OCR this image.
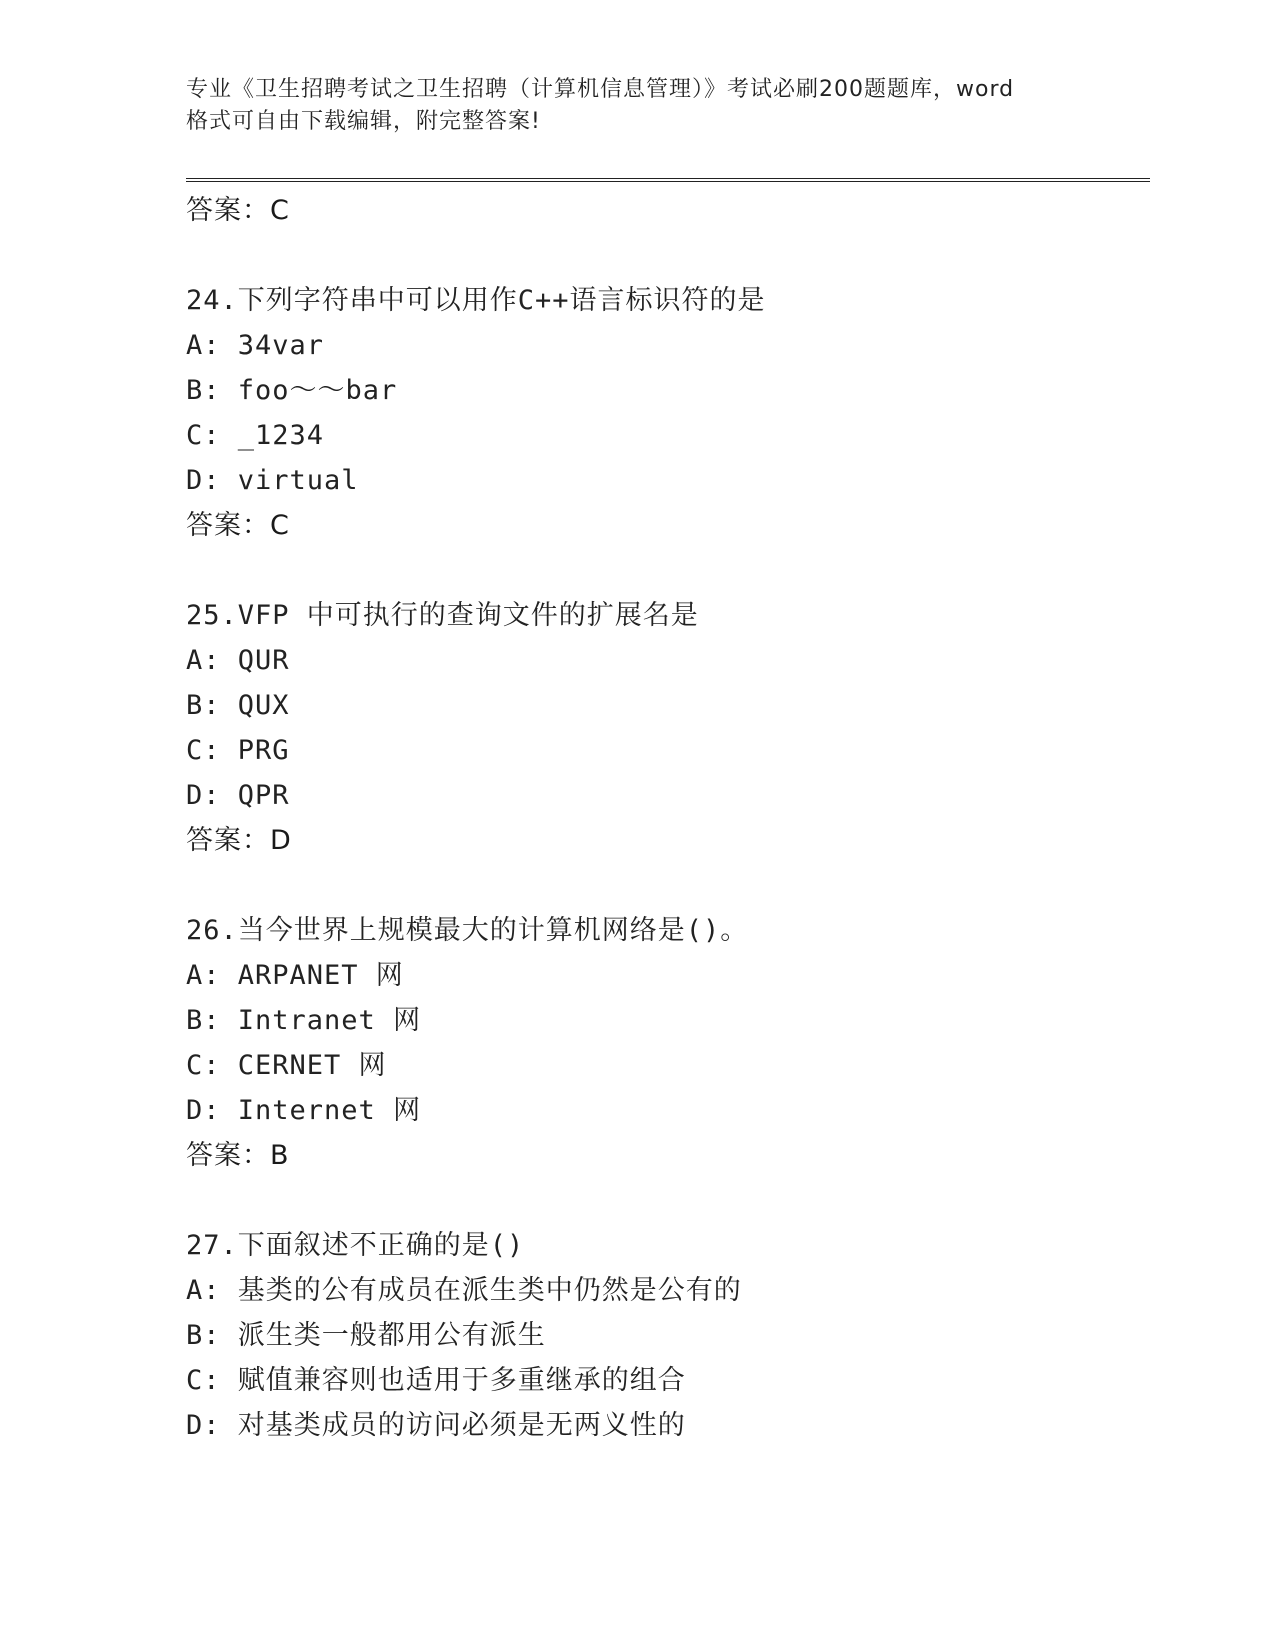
专业《卫生招聘考试之卫生招聘（计算机信息管理）》考试必刷200题题库，word
格式可自由下载编辑，附完整答案!
答案：C
24.下列字符串中可以用作C++语言标识符的是
A: 34var
B: foo～～bar
C: _1234
D: virtual
答案：C
25.VFP 中可执行的查询文件的扩展名是
A: QUR
B: QUX
C: PRG
D: QPR
答案：D
26.当今世界上规模最大的计算机网络是()。
A: ARPANET 网
B: Intranet 网
C: CERNET 网
D: Internet 网
答案：B
27.下面叙述不正确的是()
A: 基类的公有成员在派生类中仍然是公有的
B: 派生类一般都用公有派生
C: 赋值兼容则也适用于多重继承的组合
D: 对基类成员的访问必须是无两义性的
